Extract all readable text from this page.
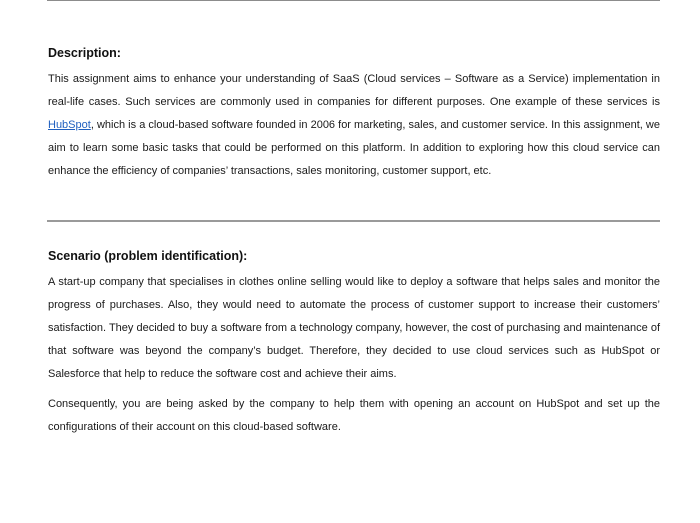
Description:

This assignment aims to enhance your understanding of SaaS (Cloud services – Software as a Service) implementation in real-life cases. Such services are commonly used in companies for different purposes. One example of these services is HubSpot, which is a cloud-based software founded in 2006 for marketing, sales, and customer service. In this assignment, we aim to learn some basic tasks that could be performed on this platform. In addition to exploring how this cloud service can enhance the efficiency of companies’ transactions, sales monitoring, customer support, etc.

Scenario (problem identification):

A start-up company that specialises in clothes online selling would like to deploy a software that helps sales and monitor the progress of purchases. Also, they would need to automate the process of customer support to increase their customers’ satisfaction. They decided to buy a software from a technology company, however, the cost of purchasing and maintenance of that software was beyond the company’s budget. Therefore, they decided to use cloud services such as HubSpot or Salesforce that help to reduce the software cost and achieve their aims.

Consequently, you are being asked by the company to help them with opening an account on HubSpot and set up the configurations of their account on this cloud-based software.
